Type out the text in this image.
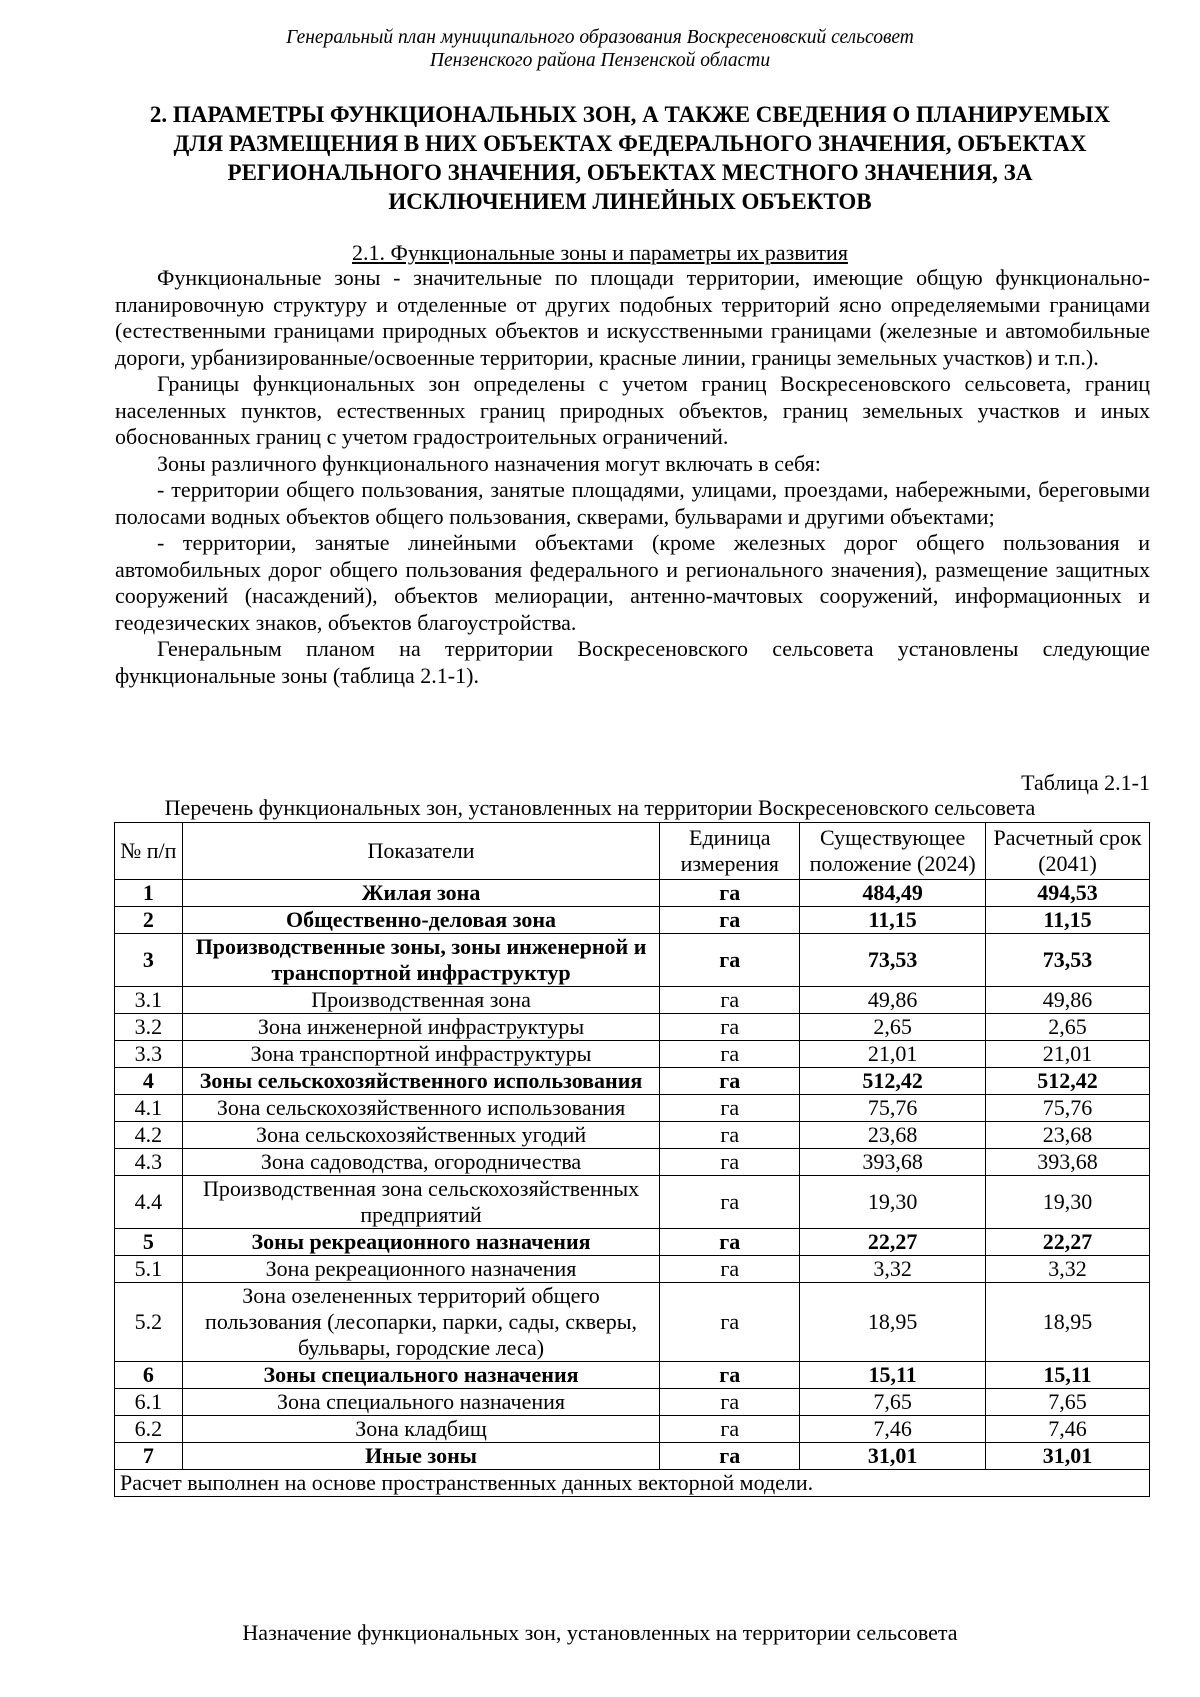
Генеральный план муниципального образования Воскресеновский сельсовет
Пензенского района Пензенской области
2. ПАРАМЕТРЫ ФУНКЦИОНАЛЬНЫХ ЗОН, А ТАКЖЕ СВЕДЕНИЯ О ПЛАНИРУЕМЫХ
ДЛЯ РАЗМЕЩЕНИЯ В НИХ ОБЪЕКТАХ ФЕДЕРАЛЬНОГО ЗНАЧЕНИЯ, ОБЪЕКТАХ
РЕГИОНАЛЬНОГО ЗНАЧЕНИЯ, ОБЪЕКТАХ МЕСТНОГО ЗНАЧЕНИЯ, ЗА
ИСКЛЮЧЕНИЕМ ЛИНЕЙНЫХ ОБЪЕКТОВ
2.1. Функциональные зоны и параметры их развития

Функциональные зоны - значительные по площади территории, имеющие общую функционально-планировочную структуру и отделенные от других подобных территорий ясно определяемыми границами (естественными границами природных объектов и искусственными границами (железные и автомобильные дороги, урбанизированные/освоенные территории, красные линии, границы земельных участков) и т.п.).

Границы функциональных зон определены с учетом границ Воскресеновского сельсовета, границ населенных пунктов, естественных границ природных объектов, границ земельных участков и иных обоснованных границ с учетом градостроительных ограничений.

Зоны различного функционального назначения могут включать в себя:

- территории общего пользования, занятые площадями, улицами, проездами, набережными, береговыми полосами водных объектов общего пользования, скверами, бульварами и другими объектами;

- территории, занятые линейными объектами (кроме железных дорог общего пользования и автомобильных дорог общего пользования федерального и регионального значения), размещение защитных сооружений (насаждений), объектов мелиорации, антенно-мачтовых сооружений, информационных и геодезических знаков, объектов благоустройства.

Генеральным планом на территории Воскресеновского сельсовета установлены следующие функциональные зоны (таблица 2.1-1).

Таблица 2.1-1
Перечень функциональных зон, установленных на территории Воскресеновского сельсовета
№ п/п	Показатели	Единица измерения	Существующее положение (2024)	Расчетный срок (2041)
1	Жилая зона	га	484,49	494,53
2	Общественно-деловая зона	га	11,15	11,15
3	Производственные зоны, зоны инженерной и транспортной инфраструктур	га	73,53	73,53
3.1	Производственная зона	га	49,86	49,86
3.2	Зона инженерной инфраструктуры	га	2,65	2,65
3.3	Зона транспортной инфраструктуры	га	21,01	21,01
4	Зоны сельскохозяйственного использования	га	512,42	512,42
4.1	Зона сельскохозяйственного использования	га	75,76	75,76
4.2	Зона сельскохозяйственных угодий	га	23,68	23,68
4.3	Зона садоводства, огородничества	га	393,68	393,68
4.4	Производственная зона сельскохозяйственных предприятий	га	19,30	19,30
5	Зоны рекреационного назначения	га	22,27	22,27
5.1	Зона рекреационного назначения	га	3,32	3,32
5.2	Зона озелененных территорий общего пользования (лесопарки, парки, сады, скверы, бульвары, городские леса)	га	18,95	18,95
6	Зоны специального назначения	га	15,11	15,11
6.1	Зона специального назначения	га	7,65	7,65
6.2	Зона кладбищ	га	7,46	7,46
7	Иные зоны	га	31,01	31,01
Расчет выполнен на основе пространственных данных векторной модели.				
Назначение функциональных зон, установленных на территории сельсовета
